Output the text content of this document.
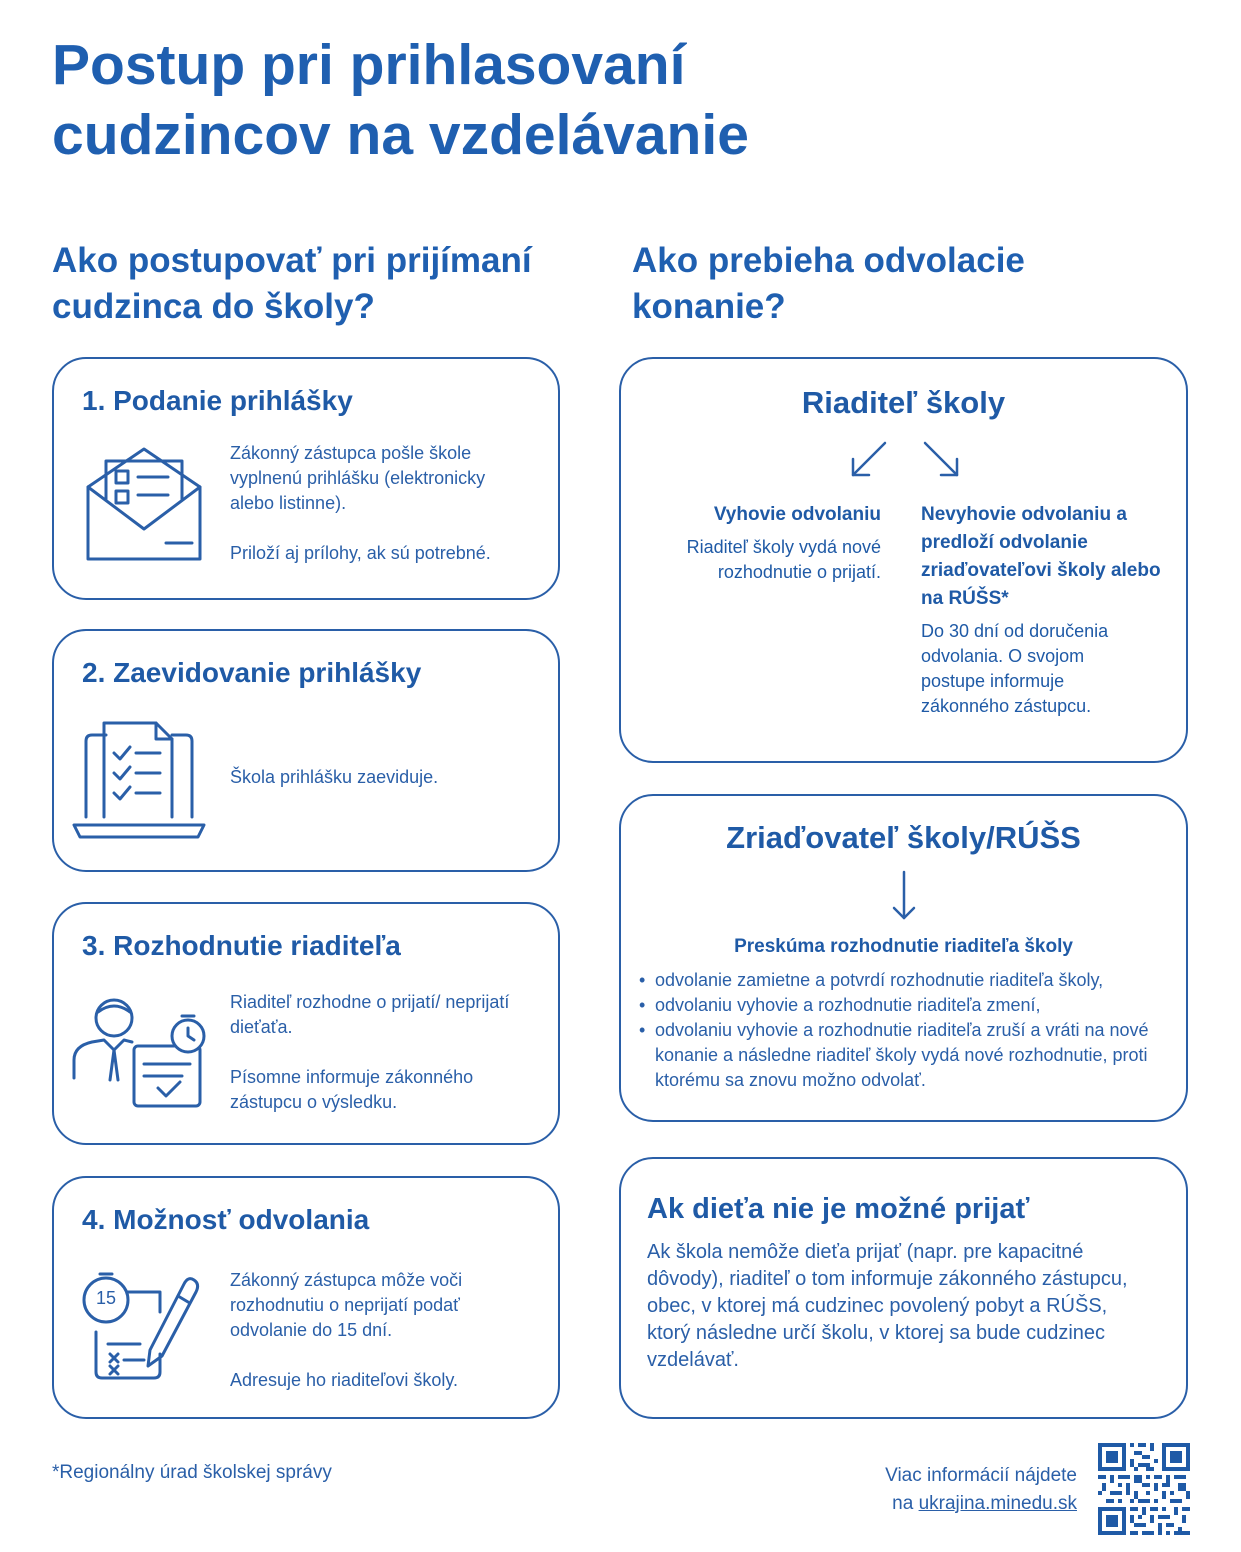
Postup pri prihlasovaní
cudzincov na vzdelávanie
Ako postupovať pri prijímaní
cudzinca do školy?
Ako prebieha odvolacie
konanie?
1. Podanie prihlášky

Zákonný zástupca pošle škole vyplnenú prihlášku (elektronicky alebo listinne).

Priloží aj prílohy, ak sú potrebné.

2. Zaevidovanie prihlášky

Škola prihlášku zaeviduje.

3. Rozhodnutie riaditeľa

Riaditeľ rozhodne o prijatí/ neprijatí dieťaťa.

Písomne informuje zákonného zástupcu o výsledku.

4. Možnosť odvolania
15

Zákonný zástupca môže voči rozhodnutiu o neprijatí podať odvolanie do 15 dní.

Adresuje ho riaditeľovi školy.

Riaditeľ školy
Vyhovie odvolaniu
Riaditeľ školy vydá nové rozhodnutie o prijatí.
Nevyhovie odvolaniu a predloží odvolanie zriaďovateľovi školy alebo na RÚŠS*
Do 30 dní od doručenia odvolania. O svojom postupe informuje zákonného zástupcu.
Zriaďovateľ školy/RÚŠS
Preskúma rozhodnutie riaditeľa školy
• odvolanie zamietne a potvrdí rozhodnutie riaditeľa školy,
• odvolaniu vyhovie a rozhodnutie riaditeľa zmení,
• odvolaniu vyhovie a rozhodnutie riaditeľa zruší a vráti na nové konanie a následne riaditeľ školy vydá nové rozhodnutie, proti ktorému sa znovu možno odvolať.
Ak dieťa nie je možné prijať
Ak škola nemôže dieťa prijať (napr. pre kapacitné dôvody), riaditeľ o tom informuje zákonného zástupcu, obec, v ktorej má cudzinec povolený pobyt a RÚŠS, ktorý následne určí školu, v ktorej sa bude cudzinec vzdelávať.
*Regionálny úrad školskej správy	Viac informácií nájdete
na ukrajina.minedu.sk
